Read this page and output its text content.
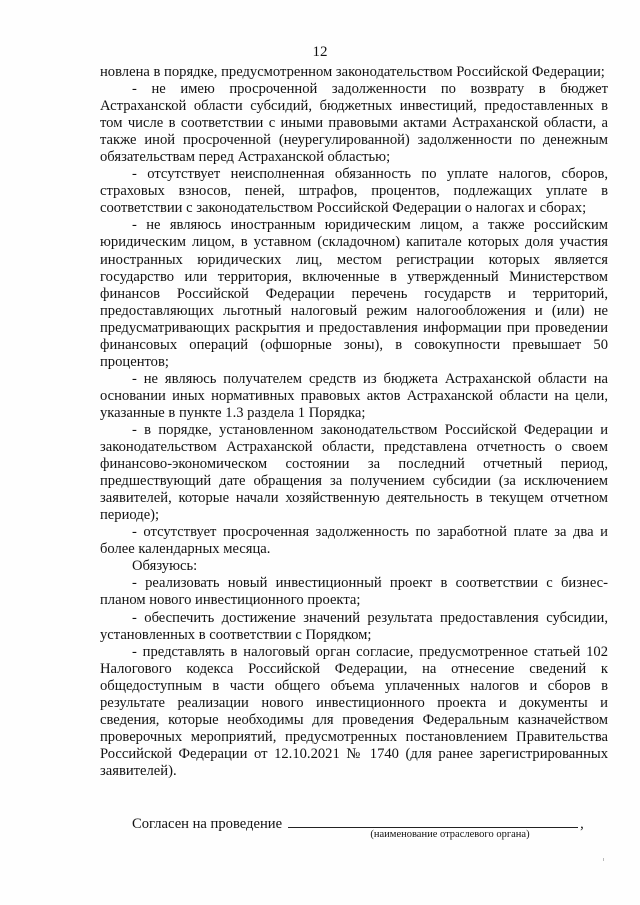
12

новлена в порядке, предусмотренном законодательством Российской Федерации;

- не имею просроченной задолженности по возврату в бюджет Астраханской области субсидий, бюджетных инвестиций, предоставленных в том числе в соответствии с иными правовыми актами Астраханской области, а также иной просроченной (неурегулированной) задолженности по денежным обязательствам перед Астраханской областью;

- отсутствует неисполненная обязанность по уплате налогов, сборов, страховых взносов, пеней, штрафов, процентов, подлежащих уплате в соответствии с законодательством Российской Федерации о налогах и сборах;

- не являюсь иностранным юридическим лицом, а также российским юридическим лицом, в уставном (складочном) капитале которых доля участия иностранных юридических лиц, местом регистрации которых является государство или территория, включенные в утвержденный Министерством финансов Российской Федерации перечень государств и территорий, предоставляющих льготный налоговый режим налогообложения и (или) не предусматривающих раскрытия и предоставления информации при проведении финансовых операций (офшорные зоны), в совокупности превышает 50 процентов;

- не являюсь получателем средств из бюджета Астраханской области на основании иных нормативных правовых актов Астраханской области на цели, указанные в пункте 1.3 раздела 1 Порядка;

- в порядке, установленном законодательством Российской Федерации и законодательством Астраханской области, представлена отчетность о своем финансово-экономическом состоянии за последний отчетный период, предшествующий дате обращения за получением субсидии (за исключением заявителей, которые начали хозяйственную деятельность в текущем отчетном периоде);

- отсутствует просроченная задолженность по заработной плате за два и более календарных месяца.

Обязуюсь:

- реализовать новый инвестиционный проект в соответствии с бизнес-планом нового инвестиционного проекта;

- обеспечить достижение значений результата предоставления субсидии, установленных в соответствии с Порядком;

- представлять в налоговый орган согласие, предусмотренное статьей 102 Налогового кодекса Российской Федерации, на отнесение сведений к общедоступным в части общего объема уплаченных налогов и сборов в результате реализации нового инвестиционного проекта и документы и сведения, которые необходимы для проведения Федеральным казначейством проверочных мероприятий, предусмотренных постановлением Правительства Российской Федерации от 12.10.2021 № 1740 (для ранее зарегистрированных заявителей).

Согласен на проведение	,
(наименование отраслевого органа)
